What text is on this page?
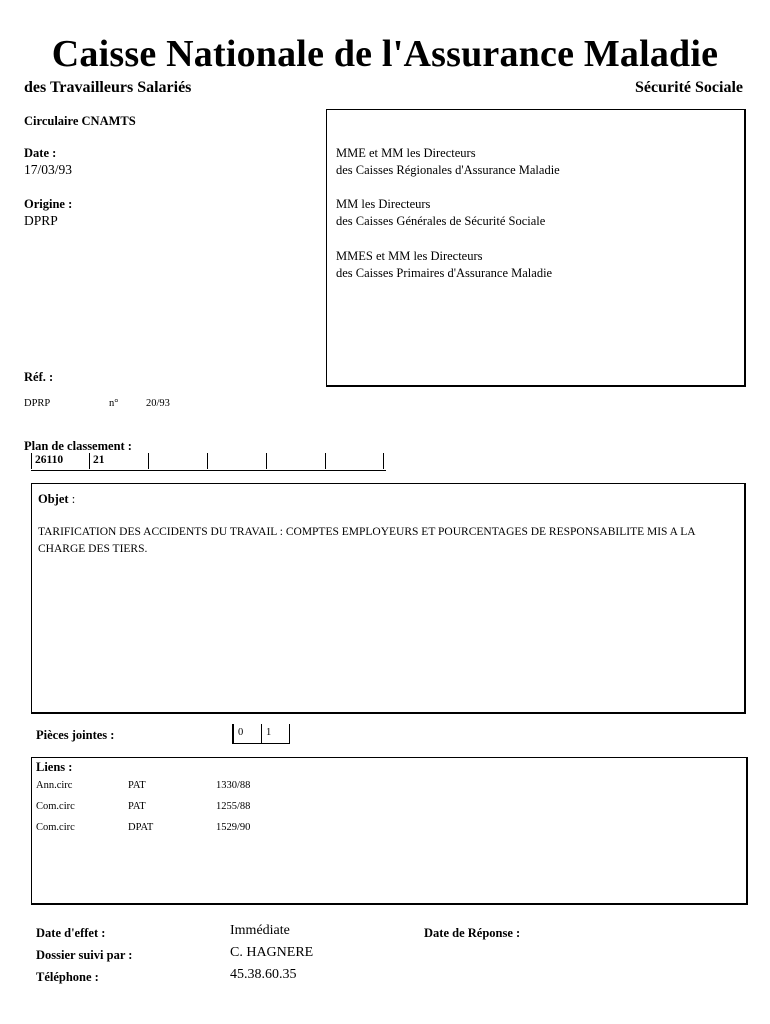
Caisse Nationale de l'Assurance Maladie
des Travailleurs Salariés	Sécurité Sociale
Circulaire CNAMTS
Date :
17/03/93
Origine :
DPRP
MME et MM les Directeurs
des Caisses Régionales d'Assurance Maladie
MM les Directeurs
des Caisses Générales de Sécurité Sociale
MMES et MM les Directeurs
des Caisses Primaires d'Assurance Maladie
Réf. :
DPRP	n°	20/93
Plan de classement :
26110	21
Objet :
TARIFICATION DES ACCIDENTS DU TRAVAIL : COMPTES EMPLOYEURS ET POURCENTAGES DE RESPONSABILITE MIS A LA CHARGE DES TIERS.
Pièces jointes :	0 1
Liens :
Ann.circ	PAT	1330/88
Com.circ	PAT	1255/88
Com.circ	DPAT	1529/90
Date d'effet :	Immédiate	Date de Réponse :
Dossier suivi par :	C. HAGNERE
Téléphone :	45.38.60.35
